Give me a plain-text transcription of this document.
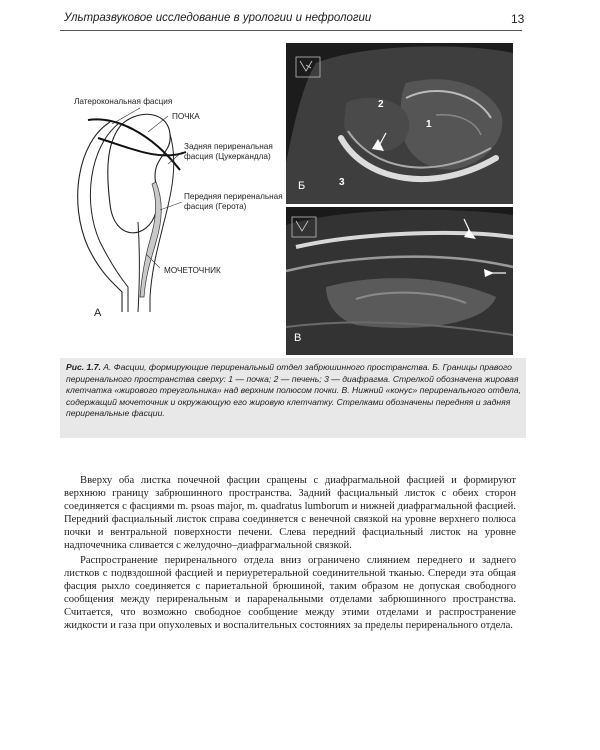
Ультразвуковое исследование в урологии и нефрологии	13
Латерокональная фасция
ПОЧКА
Задняя периренальная
фасция (Цукеркандла)
Передняя периренальная
фасция (Герота)
МОЧЕТОЧНИК
А
2
1
3
Б
В
Рис. 1.7. А. Фасции, формирующие периренальный отдел забрюшинного пространства. Б. Границы правого периренального пространства сверху: 1 — почка; 2 — печень; 3 — диафрагма. Стрелкой обозначена жировая клетчатка «жирового треугольника» над верхним полюсом почки. В. Нижний «конус» периренального отдела, содержащий мочеточник и окружающую его жировую клетчатку. Стрелками обозначены передняя и задняя периренальные фасции.

Вверху оба листка почечной фасции сращены с диафрагмальной фасцией и формируют верхнюю границу забрюшинного пространства. Задний фасциальный листок с обеих сторон соединяется с фасциями m. psoas major, m. quadratus lumborum и нижней диафрагмальной фасцией. Передний фасциальный листок справа соединяется с венечной связкой на уровне верхнего полюса почки и вентральной поверхности печени. Слева передний фасциальный листок на уровне надпочечника сливается с желудочно–диафрагмальной связкой.

Распространение периренального отдела вниз ограничено слиянием переднего и заднего листков с подвздошной фасцией и периуретеральной соединительной тканью. Спереди эта общая фасция рыхло соединяется с париетальной брюшиной, таким образом не допуская свободного сообщения между периренальным и параренальными отделами забрюшинного пространства. Считается, что возможно свободное сообщение между этими отделами и распространение жидкости и газа при опухолевых и воспалительных состояниях за пределы периренального отдела.
